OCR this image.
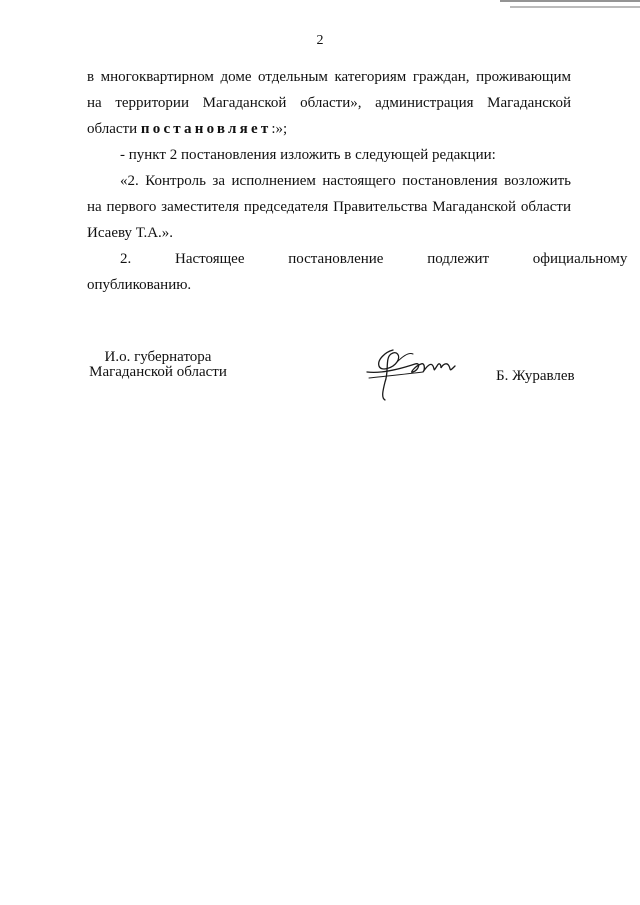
2
в многоквартирном доме отдельным категориям граждан, проживающим
на территории Магаданской области», администрация Магаданской
области постановляет:»;
- пункт 2 постановления изложить в следующей редакции:
«2. Контроль за исполнением настоящего постановления возложить
на первого заместителя председателя Правительства Магаданской области
Исаеву Т.А.».
2. Настоящее постановление подлежит официальному
опубликованию.
И.о. губернатора
Магаданской области	Б. Журавлев
